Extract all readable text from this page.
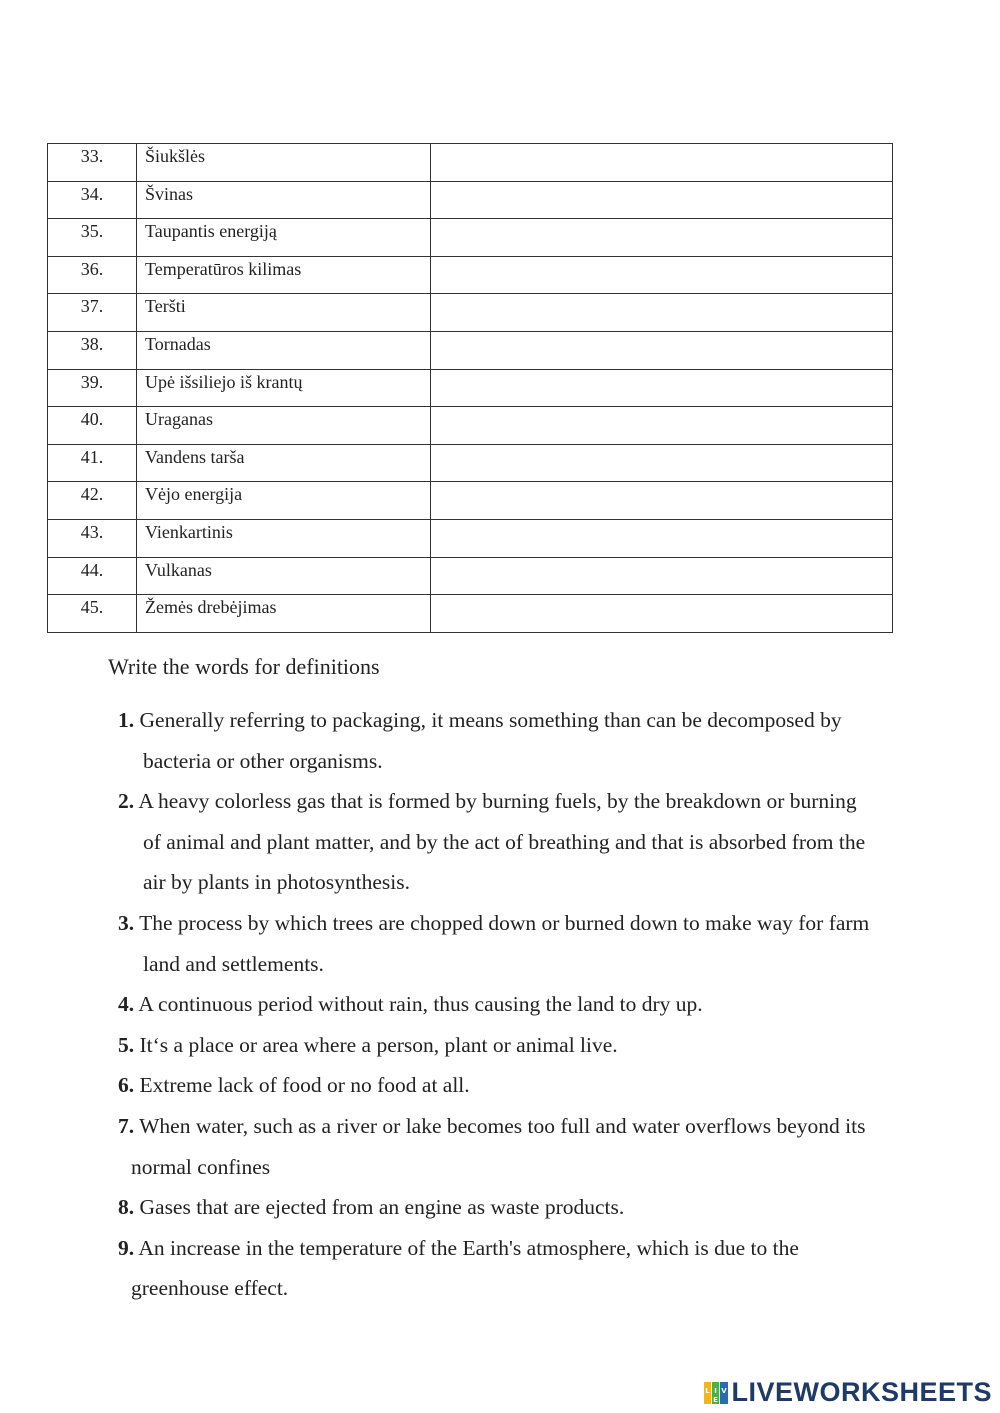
33.	Šiukšlės	
34.	Švinas	
35.	Taupantis energiją	
36.	Temperatūros kilimas	
37.	Teršti	
38.	Tornadas	
39.	Upė išsiliejo iš krantų	
40.	Uraganas	
41.	Vandens tarša	
42.	Vėjo energija	
43.	Vienkartinis	
44.	Vulkanas	
45.	Žemės drebėjimas	
Write the words for definitions
1. Generally referring to packaging, it means something than can be decomposed by
bacteria or other organisms.
2. A heavy colorless gas that is formed by burning fuels, by the breakdown or burning
of animal and plant matter, and by the act of breathing and that is absorbed from the
air by plants in photosynthesis.
3. The process by which trees are chopped down or burned down to make way for farm
land and settlements.
4. A continuous period without rain, thus causing the land to dry up.
5. It‘s a place or area where a person, plant or animal live.
6. Extreme lack of food or no food at all.
7. When water, such as a river or lake becomes too full and water overflows beyond its
normal confines
8. Gases that are ejected from an engine as waste products.
9. An increase in the temperature of the Earth's atmosphere, which is due to the
greenhouse effect.
L I V
E LIVEWORKSHEETS
